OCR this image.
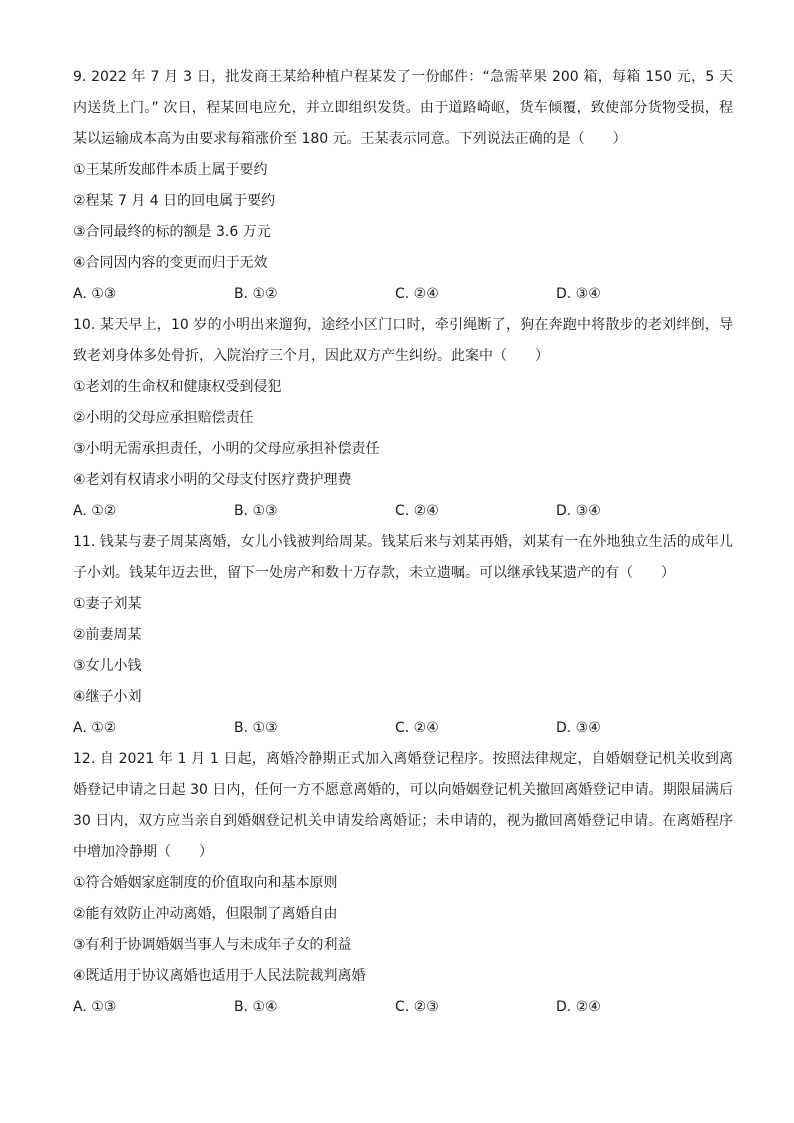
9. 2022 年 7 月 3 日，批发商王某给种植户程某发了一份邮件：“急需苹果 200 箱，每箱 150 元，5 天内送货上门。” 次日，程某回电应允，并立即组织发货。由于道路崎岖，货车倾覆，致使部分货物受损，程某以运输成本高为由要求每箱涨价至 180 元。王某表示同意。下列说法正确的是（　　）

①王某所发邮件本质上属于要约

②程某 7 月 4 日的回电属于要约

③合同最终的标的额是 3.6 万元

④合同因内容的变更而归于无效

A. ①③	B. ①②	C. ②④	D. ③④

10. 某天早上，10 岁的小明出来遛狗，途经小区门口时，牵引绳断了，狗在奔跑中将散步的老刘绊倒，导致老刘身体多处骨折，入院治疗三个月，因此双方产生纠纷。此案中（　　）

①老刘的生命权和健康权受到侵犯

②小明的父母应承担赔偿责任

③小明无需承担责任，小明的父母应承担补偿责任

④老刘有权请求小明的父母支付医疗费护理费

A. ①②	B. ①③	C. ②④	D. ③④

11. 钱某与妻子周某离婚，女儿小钱被判给周某。钱某后来与刘某再婚，刘某有一在外地独立生活的成年儿子小刘。钱某年迈去世，留下一处房产和数十万存款，未立遗嘱。可以继承钱某遗产的有（　　）

①妻子刘某

②前妻周某

③女儿小钱

④继子小刘

A. ①②	B. ①③	C. ②④	D. ③④

12. 自 2021 年 1 月 1 日起，离婚冷静期正式加入离婚登记程序。按照法律规定，自婚姻登记机关收到离婚登记申请之日起 30 日内，任何一方不愿意离婚的，可以向婚姻登记机关撤回离婚登记申请。期限届满后 30 日内，双方应当亲自到婚姻登记机关申请发给离婚证；未申请的，视为撤回离婚登记申请。在离婚程序中增加冷静期（　　）

①符合婚姻家庭制度的价值取向和基本原则

②能有效防止冲动离婚，但限制了离婚自由

③有利于协调婚姻当事人与未成年子女的利益

④既适用于协议离婚也适用于人民法院裁判离婚

A. ①③	B. ①④	C. ②③	D. ②④
